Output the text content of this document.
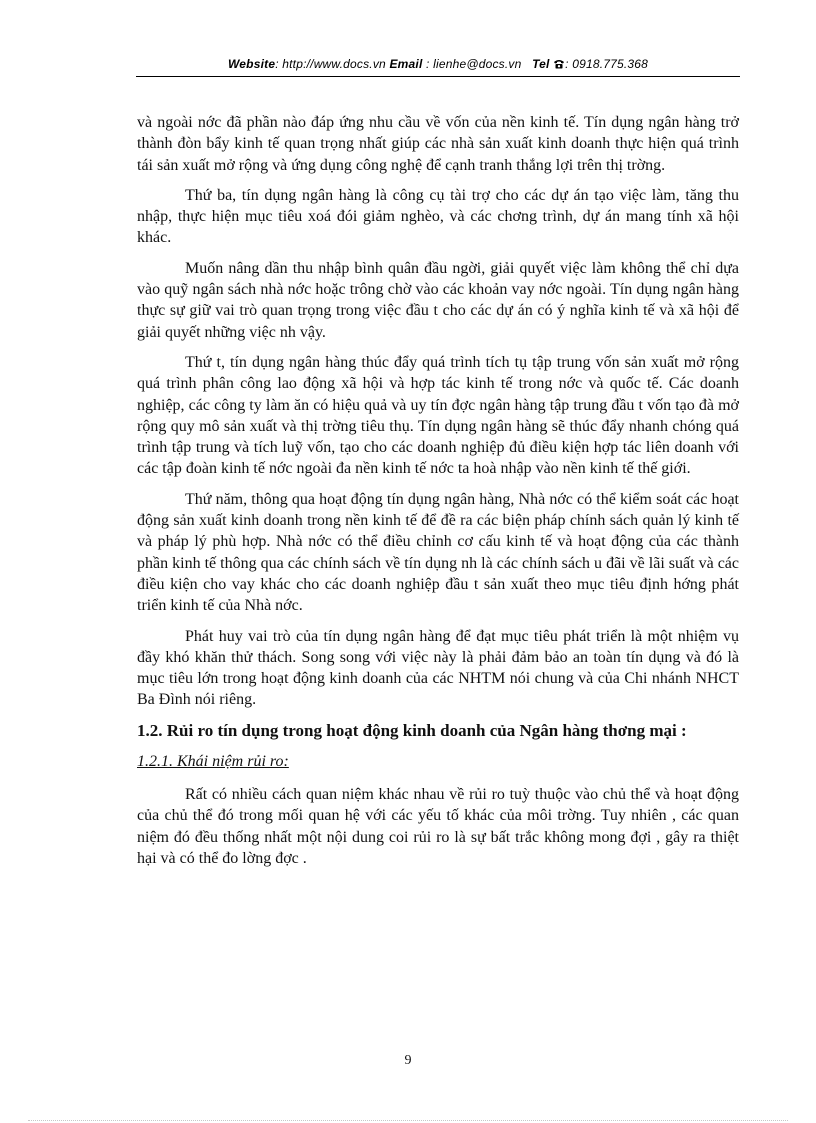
Website: http://www.docs.vn Email : lienhe@docs.vn Tel : 0918.775.368

và ngoài nớc đã phần nào đáp ứng nhu cầu về vốn của nền kinh tế. Tín dụng ngân hàng trở thành đòn bẩy kinh tế quan trọng nhất giúp các nhà sản xuất kinh doanh thực hiện quá trình tái sản xuất mở rộng và ứng dụng công nghệ để cạnh tranh thắng lợi trên thị trờng.

Thứ ba, tín dụng ngân hàng là công cụ tài trợ cho các dự án tạo việc làm, tăng thu nhập, thực hiện mục tiêu xoá đói giảm nghèo, và các chơng trình, dự án mang tính xã hội khác.

Muốn nâng dần thu nhập bình quân đầu ngời, giải quyết việc làm không thể chỉ dựa vào quỹ ngân sách nhà nớc hoặc trông chờ vào các khoản vay nớc ngoài. Tín dụng ngân hàng thực sự giữ vai trò quan trọng trong việc đầu t cho các dự án có ý nghĩa kinh tế và xã hội để giải quyết những việc nh vậy.

Thứ t, tín dụng ngân hàng thúc đẩy quá trình tích tụ tập trung vốn sản xuất mở rộng quá trình phân công lao động xã hội và hợp tác kinh tế trong nớc và quốc tế. Các doanh nghiệp, các công ty làm ăn có hiệu quả và uy tín đợc ngân hàng tập trung đầu t vốn tạo đà mở rộng quy mô sản xuất và thị trờng tiêu thụ. Tín dụng ngân hàng sẽ thúc đẩy nhanh chóng quá trình tập trung và tích luỹ vốn, tạo cho các doanh nghiệp đủ điều kiện hợp tác liên doanh với các tập đoàn kinh tế nớc ngoài đa nền kinh tế nớc ta hoà nhập vào nền kinh tế thế giới.

Thứ năm, thông qua hoạt động tín dụng ngân hàng, Nhà nớc có thể kiểm soát các hoạt động sản xuất kinh doanh trong nền kinh tế để đề ra các biện pháp chính sách quản lý kinh tế và pháp lý phù hợp. Nhà nớc có thể điều chỉnh cơ cấu kinh tế và hoạt động của các thành phần kinh tế thông qua các chính sách về tín dụng nh là các chính sách u đãi về lãi suất và các điều kiện cho vay khác cho các doanh nghiệp đầu t sản xuất theo mục tiêu định hớng phát triển kinh tế của Nhà nớc.

Phát huy vai trò của tín dụng ngân hàng để đạt mục tiêu phát triển là một nhiệm vụ đầy khó khăn thử thách. Song song với việc này là phải đảm bảo an toàn tín dụng và đó là mục tiêu lớn trong hoạt động kinh doanh của các NHTM nói chung và của Chi nhánh NHCT Ba Đình nói riêng.

1.2. Rủi ro tín dụng trong hoạt động kinh doanh của Ngân hàng thơng mại :
1.2.1. Khái niệm rủi ro:

Rất có nhiều cách quan niệm khác nhau về rủi ro tuỳ thuộc vào chủ thể và hoạt động của chủ thể đó trong mối quan hệ với các yếu tố khác của môi trờng. Tuy nhiên , các quan niệm đó đều thống nhất một nội dung coi rủi ro là sự bất trắc không mong đợi , gây ra thiệt hại và có thể đo lờng đợc .

9
